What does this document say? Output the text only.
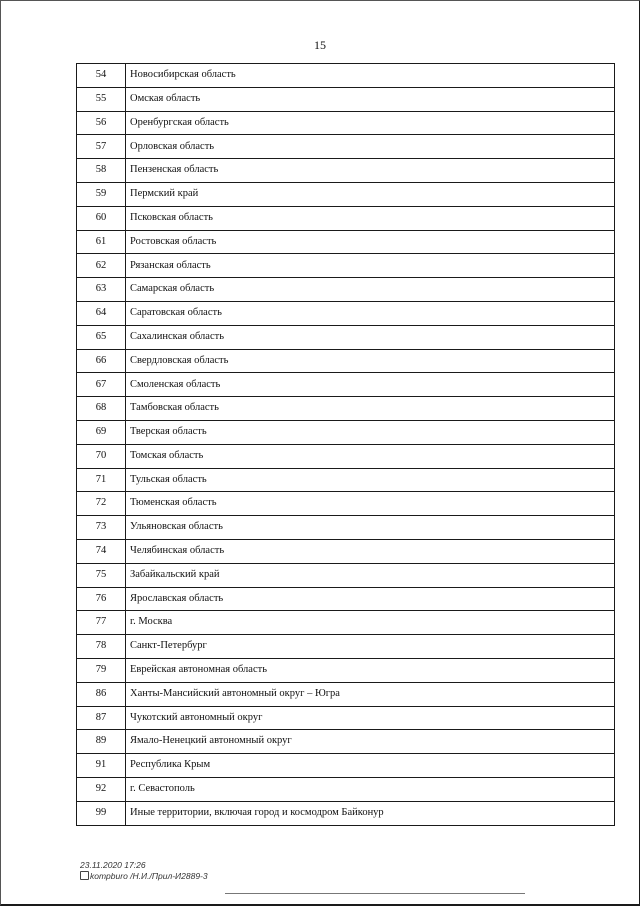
15
54	Новосибирская область
55	Омская область
56	Оренбургская область
57	Орловская область
58	Пензенская область
59	Пермский край
60	Псковская область
61	Ростовская область
62	Рязанская область
63	Самарская область
64	Саратовская область
65	Сахалинская область
66	Свердловская область
67	Смоленская область
68	Тамбовская область
69	Тверская область
70	Томская область
71	Тульская область
72	Тюменская область
73	Ульяновская область
74	Челябинская область
75	Забайкальский край
76	Ярославская область
77	г. Москва
78	Санкт-Петербург
79	Еврейская автономная область
86	Ханты-Мансийский автономный округ – Югра
87	Чукотский автономный округ
89	Ямало-Ненецкий автономный округ
91	Республика Крым
92	г. Севастополь
99	Иные территории, включая город и космодром Байконур
23.11.2020 17:26
kompburo /Н.И./Прил-И2889-3
